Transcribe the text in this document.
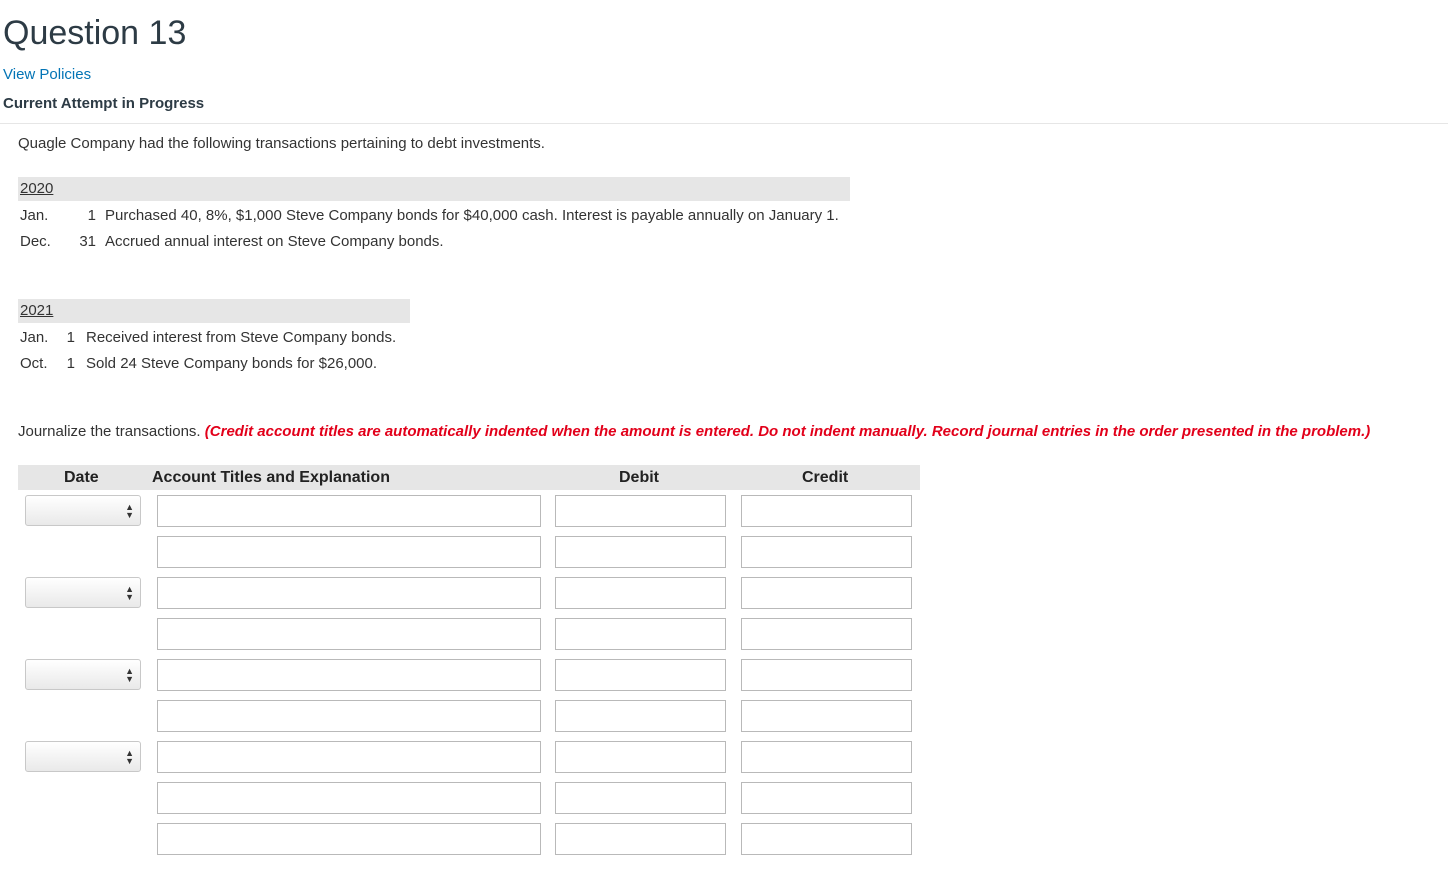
Question 13
View Policies
Current Attempt in Progress
Quagle Company had the following transactions pertaining to debt investments.
2020
Jan.	1 Purchased 40, 8%, $1,000 Steve Company bonds for $40,000 cash. Interest is payable annually on January 1.
Dec.	31 Accrued annual interest on Steve Company bonds.
2021
Jan.	1 Received interest from Steve Company bonds.
Oct.	1 Sold 24 Steve Company bonds for $26,000.
Journalize the transactions. (Credit account titles are automatically indented when the amount is entered. Do not indent manually. Record journal entries in the order presented in the problem.)
Date	Account Titles and Explanation	Debit	Credit
▲
▼
▲
▼
▲
▼
▲
▼
